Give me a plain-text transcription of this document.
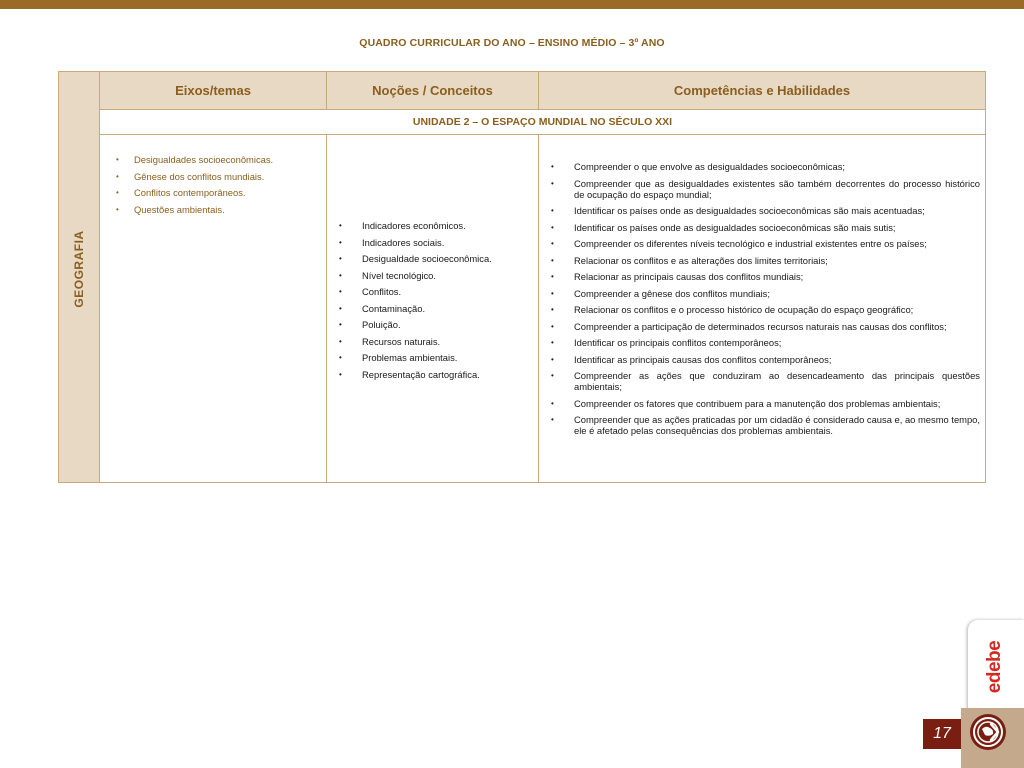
QUADRO CURRICULAR DO ANO – ENSINO MÉDIO – 3º ANO
GEOGRAFIA
Eixos/temas	Noções / Conceitos	Competências e Habilidades
UNIDADE 2 – O ESPAÇO MUNDIAL NO SÉCULO XXI
• Desigualdades socioeconômicas.
• Gênese dos conflitos mundiais.
• Conflitos contemporâneos.
• Questões ambientais.
• Indicadores econômicos.
• Indicadores sociais.
• Desigualdade socioeconômica.
• Nível tecnológico.
• Conflitos.
• Contaminação.
• Poluição.
• Recursos naturais.
• Problemas ambientais.
• Representação cartográfica.
• Compreender o que envolve as desigualdades socioeconômicas;
• Compreender que as desigualdades existentes são também decorrentes do processo histórico de ocupação do espaço mundial;
• Identificar os países onde as desigualdades socioeconômicas são mais acentuadas;
• Identificar os países onde as desigualdades socioeconômicas são mais sutis;
• Compreender os diferentes níveis tecnológico e industrial existentes entre os países;
• Relacionar os conflitos e as alterações dos limites territoriais;
• Relacionar as principais causas dos conflitos mundiais;
• Compreender a gênese dos conflitos mundiais;
• Relacionar os conflitos e o processo histórico de ocupação do espaço geográfico;
• Compreender a participação de determinados recursos naturais nas causas dos conflitos;
• Identificar os principais conflitos contemporâneos;
• Identificar as principais causas dos conflitos contemporâneos;
• Compreender as ações que conduziram ao desencadeamento das principais questões ambientais;
• Compreender os fatores que contribuem para a manutenção dos problemas ambientais;
• Compreender que as ações praticadas por um cidadão é considerado causa e, ao mesmo tempo, ele é afetado pelas consequências dos problemas ambientais.
edebe
17
